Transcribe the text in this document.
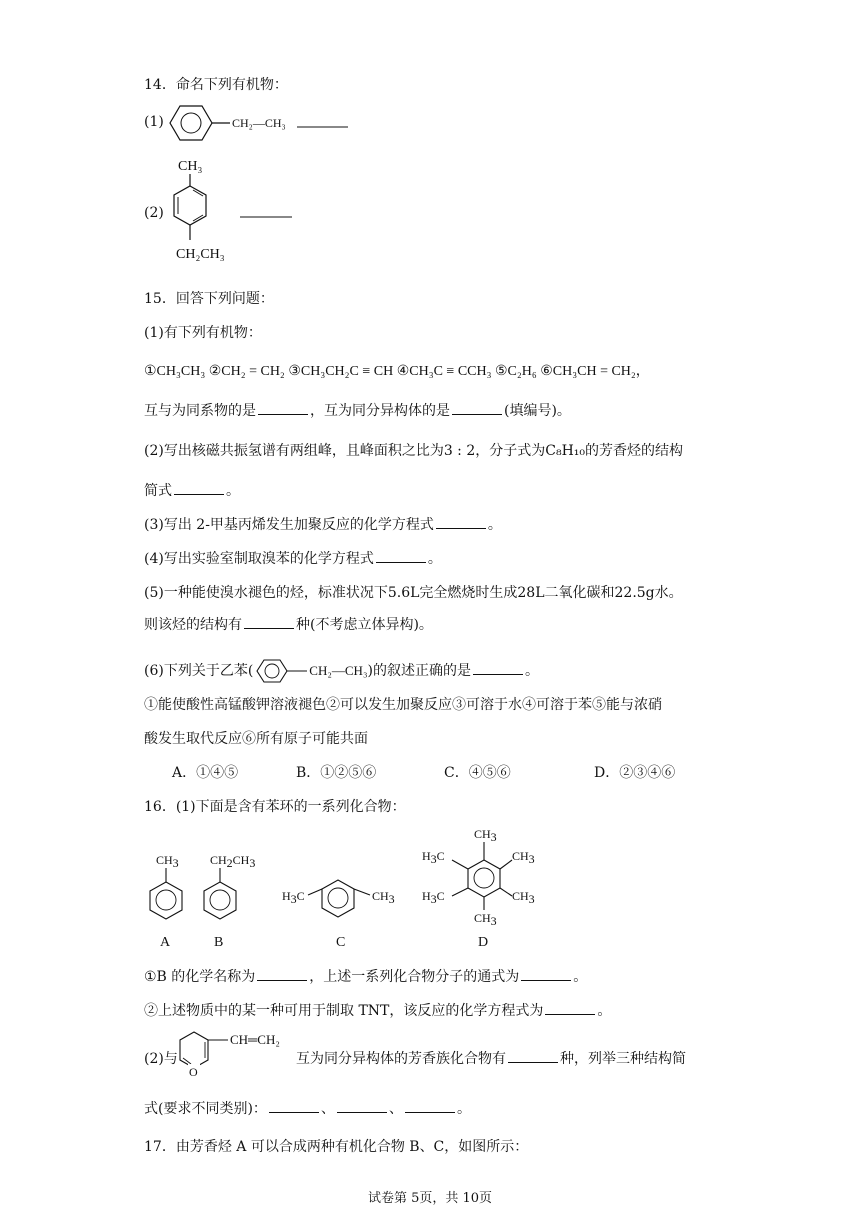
14．命名下列有机物：
(1)	CH₂—CH₃
(2)
CH₃
CH₂CH₃
15．回答下列问题：
(1)有下列有机物：
①CH₃CH₃ ②CH₂ = CH₂ ③CH₃CH₂C ≡ CH ④CH₃C ≡ CCH₃ ⑤C₂H₆ ⑥CH₃CH = CH₂，
互与为同系物的是	，互为同分异构体的是	(填编号)。
(2)写出核磁共振氢谱有两组峰，且峰面积之比为3 : 2，分子式为C₈H₁₀的芳香烃的结构
简式	。
(3)写出 2-甲基丙烯发生加聚反应的化学方程式	。
(4)写出实验室制取溴苯的化学方程式	。
(5)一种能使溴水褪色的烃，标准状况下5.6L完全燃烧时生成28L二氧化碳和22.5g水。
则该烃的结构有	种(不考虑立体异构)。
(6)下列关于乙苯(	CH₂—CH₃)的叙述正确的是	。
①能使酸性高锰酸钾溶液褪色②可以发生加聚反应③可溶于水④可溶于苯⑤能与浓硝
酸发生取代反应⑥所有原子可能共面
A．①④⑤	B．①②⑤⑥	C．④⑤⑥	D．②③④⑥
16．(1)下面是含有苯环的一系列化合物：
CH3
A
CH2CH3
B
H3C	CH3
C
CH3
H3C	CH3
H3C	CH3
CH3
D
①B 的化学名称为	，上述一系列化合物分子的通式为	。
②上述物质中的某一种可用于制取 TNT，该反应的化学方程式为	。
(2)与
CH═CH₂
O
互为同分异构体的芳香族化合物有	种，列举三种结构简
式(要求不同类别)：	、	、	。
17．由芳香烃 A 可以合成两种有机化合物 B、C，如图所示：
试卷第 5页，共 10页
